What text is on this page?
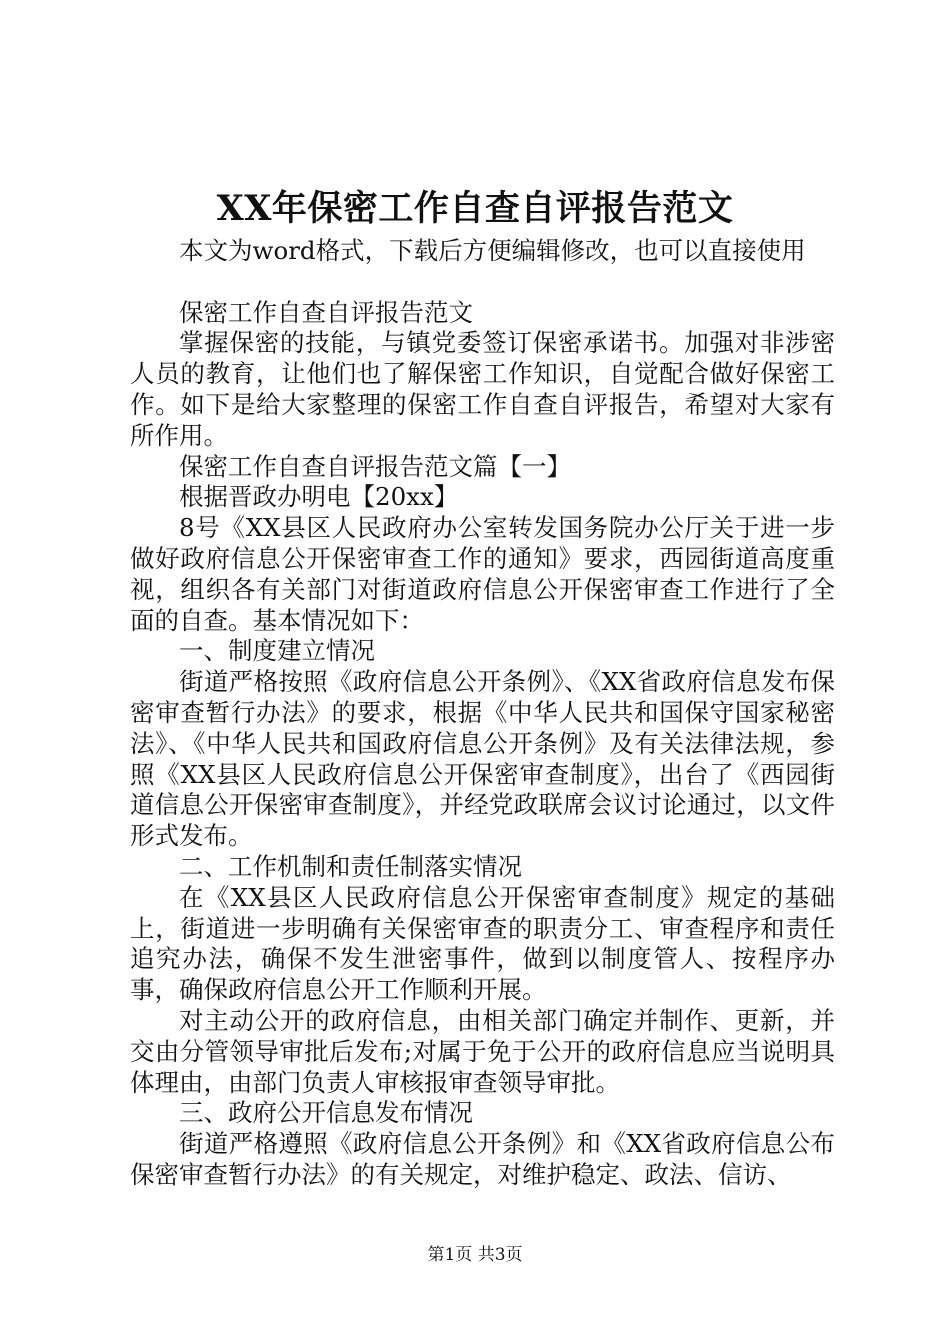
XX年保密工作自查自评报告范文

本文为word格式，下载后方便编辑修改，也可以直接使用

保密工作自查自评报告范文

掌握保密的技能，与镇党委签订保密承诺书。加强对非涉密人员的教育，让他们也了解保密工作知识，自觉配合做好保密工作。如下是给大家整理的保密工作自查自评报告，希望对大家有所作用。

保密工作自查自评报告范文篇【一】

根据晋政办明电【20xx】

8号《XX县区人民政府办公室转发国务院办公厅关于进一步做好政府信息公开保密审查工作的通知》要求，西园街道高度重视，组织各有关部门对街道政府信息公开保密审查工作进行了全面的自查。基本情况如下：

一、制度建立情况

街道严格按照《政府信息公开条例》、《XX省政府信息发布保密审查暂行办法》的要求，根据《中华人民共和国保守国家秘密法》、《中华人民共和国政府信息公开条例》及有关法律法规，参照《XX县区人民政府信息公开保密审查制度》，出台了《西园街道信息公开保密审查制度》，并经党政联席会议讨论通过，以文件形式发布。

二、工作机制和责任制落实情况

在《XX县区人民政府信息公开保密审查制度》规定的基础上，街道进一步明确有关保密审查的职责分工、审查程序和责任追究办法，确保不发生泄密事件，做到以制度管人、按程序办事，确保政府信息公开工作顺利开展。

对主动公开的政府信息，由相关部门确定并制作、更新，并交由分管领导审批后发布;对属于免于公开的政府信息应当说明具体理由，由部门负责人审核报审查领导审批。

三、政府公开信息发布情况

街道严格遵照《政府信息公开条例》和《XX省政府信息公布保密审查暂行办法》的有关规定，对维护稳定、政法、信访、

第1页 共3页
